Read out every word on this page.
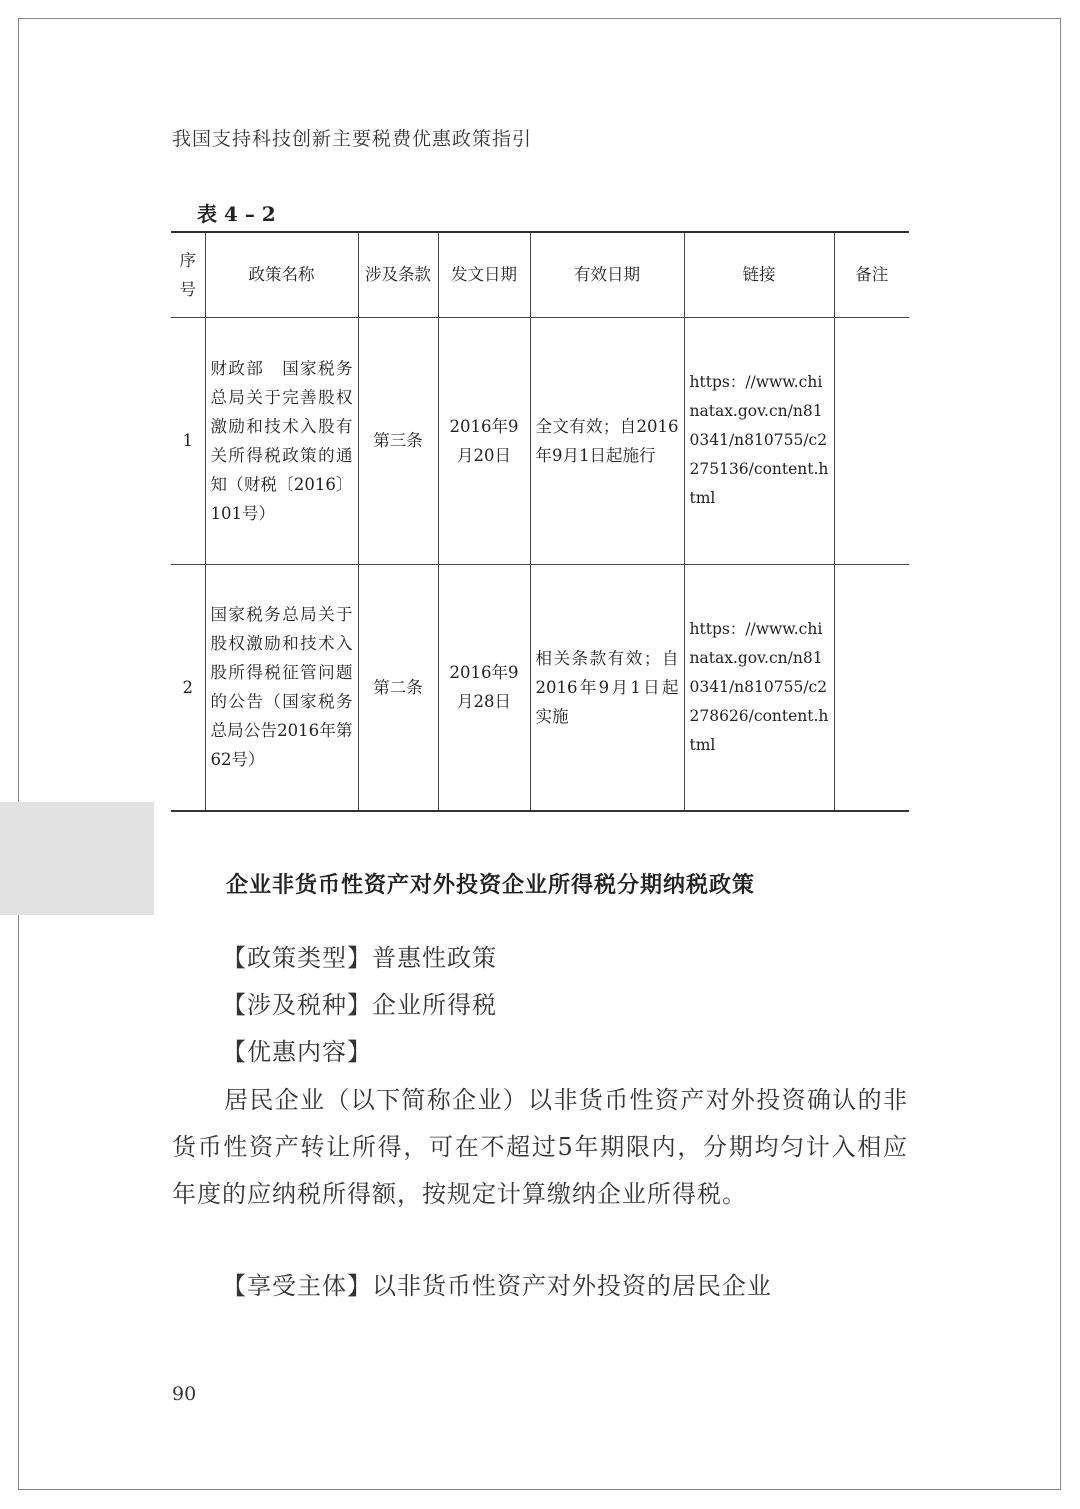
我国支持科技创新主要税费优惠政策指引
表 4 – 2
序号	政策名称	涉及条款	发文日期	有效日期	链接	备注
1	财政部　国家税务总局关于完善股权激励和技术入股有关所得税政策的通知（财税〔2016〕101号）	第三条	2016年9月20日	全文有效；自2016年9月1日起施行	https：//www.chinatax.gov.cn/n810341/n810755/c2275136/content.html	
2	国家税务总局关于股权激励和技术入股所得税征管问题的公告（国家税务总局公告2016年第62号）	第二条	2016年9月28日	相关条款有效；自2016年9月1日起实施	https：//www.chinatax.gov.cn/n810341/n810755/c2278626/content.html	
企业非货币性资产对外投资企业所得税分期纳税政策
【政策类型】普惠性政策
【涉及税种】企业所得税
【优惠内容】
居民企业（以下简称企业）以非货币性资产对外投资确认的非货币性资产转让所得，可在不超过5年期限内，分期均匀计入相应年度的应纳税所得额，按规定计算缴纳企业所得税。
【享受主体】以非货币性资产对外投资的居民企业
90
